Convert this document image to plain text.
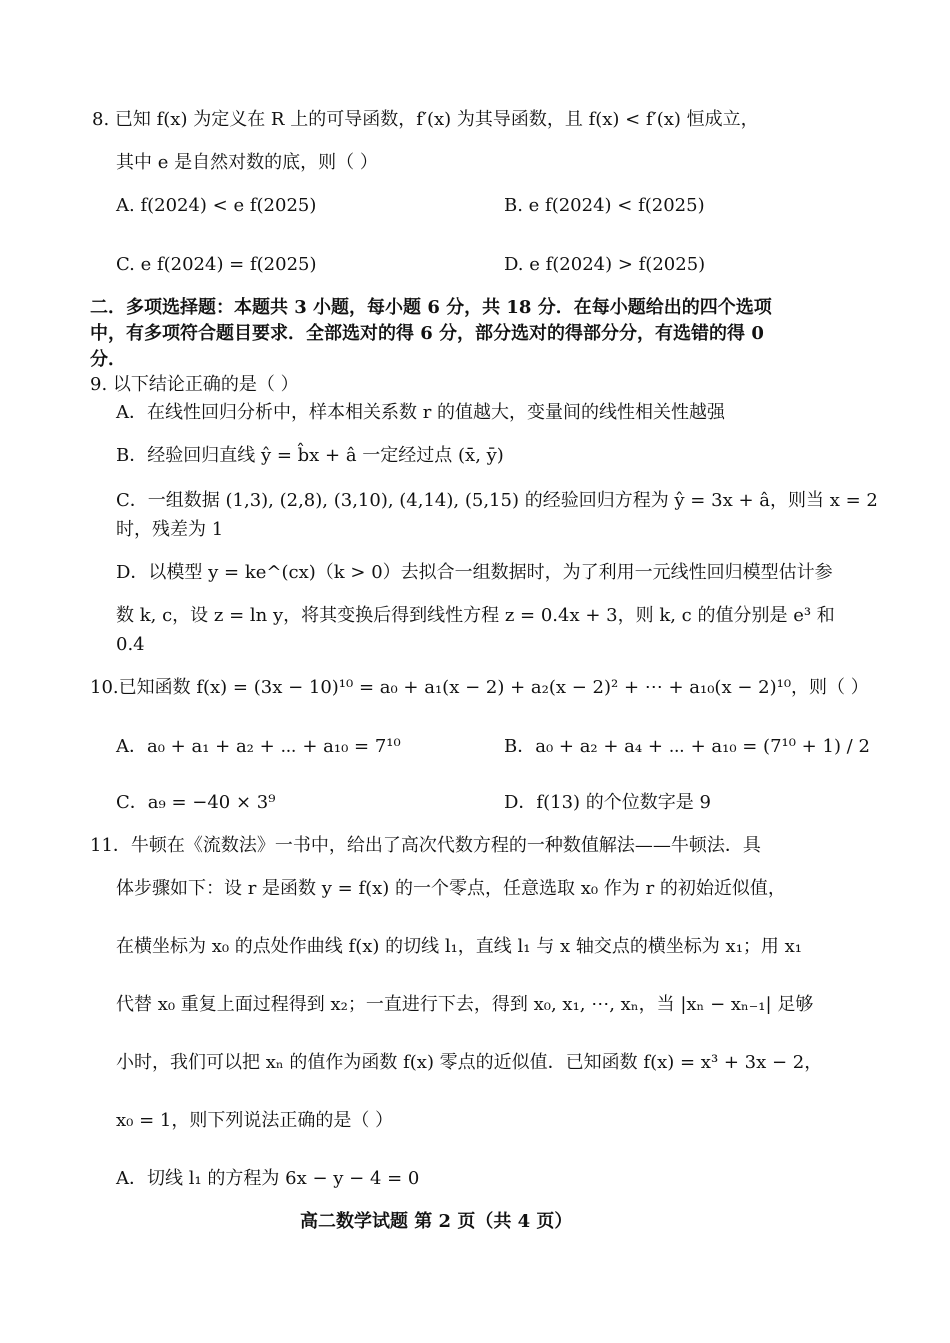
8. 已知 f(x) 为定义在 R 上的可导函数，f′(x) 为其导函数，且 f(x) < f′(x) 恒成立，
其中 e 是自然对数的底，则（ ）
A. f(2024) < e f(2025)	B. e f(2024) < f(2025)
C. e f(2024) = f(2025)	D. e f(2024) > f(2025)
二．多项选择题：本题共 3 小题，每小题 6 分，共 18 分．在每小题给出的四个选项
中，有多项符合题目要求．全部选对的得 6 分，部分选对的得部分分，有选错的得 0
分．
9. 以下结论正确的是（ ）
A．在线性回归分析中，样本相关系数 r 的值越大，变量间的线性相关性越强
B．经验回归直线 ŷ = b̂x + â 一定经过点 (x̄, ȳ)
C．一组数据 (1,3), (2,8), (3,10), (4,14), (5,15) 的经验回归方程为 ŷ = 3x + â，则当 x = 2
时，残差为 1
D．以模型 y = ke^(cx)（k > 0）去拟合一组数据时，为了利用一元线性回归模型估计参
数 k, c，设 z = ln y，将其变换后得到线性方程 z = 0.4x + 3，则 k, c 的值分别是 e³ 和
0.4
10.已知函数 f(x) = (3x − 10)¹⁰ = a₀ + a₁(x − 2) + a₂(x − 2)² + ⋯ + a₁₀(x − 2)¹⁰，则（ ）
A．a₀ + a₁ + a₂ + ⋯ + a₁₀ = 7¹⁰	B．a₀ + a₂ + a₄ + ⋯ + a₁₀ = (7¹⁰ + 1) / 2
C．a₉ = −40 × 3⁹	D．f(13) 的个位数字是 9
11．牛顿在《流数法》一书中，给出了高次代数方程的一种数值解法——牛顿法．具
体步骤如下：设 r 是函数 y = f(x) 的一个零点，任意选取 x₀ 作为 r 的初始近似值，
在横坐标为 x₀ 的点处作曲线 f(x) 的切线 l₁，直线 l₁ 与 x 轴交点的横坐标为 x₁；用 x₁
代替 x₀ 重复上面过程得到 x₂；一直进行下去，得到 x₀, x₁, ⋯, xₙ，当 |xₙ − xₙ₋₁| 足够
小时，我们可以把 xₙ 的值作为函数 f(x) 零点的近似值．已知函数 f(x) = x³ + 3x − 2，
x₀ = 1，则下列说法正确的是（ ）
A．切线 l₁ 的方程为 6x − y − 4 = 0
高二数学试题 第 2 页（共 4 页）
